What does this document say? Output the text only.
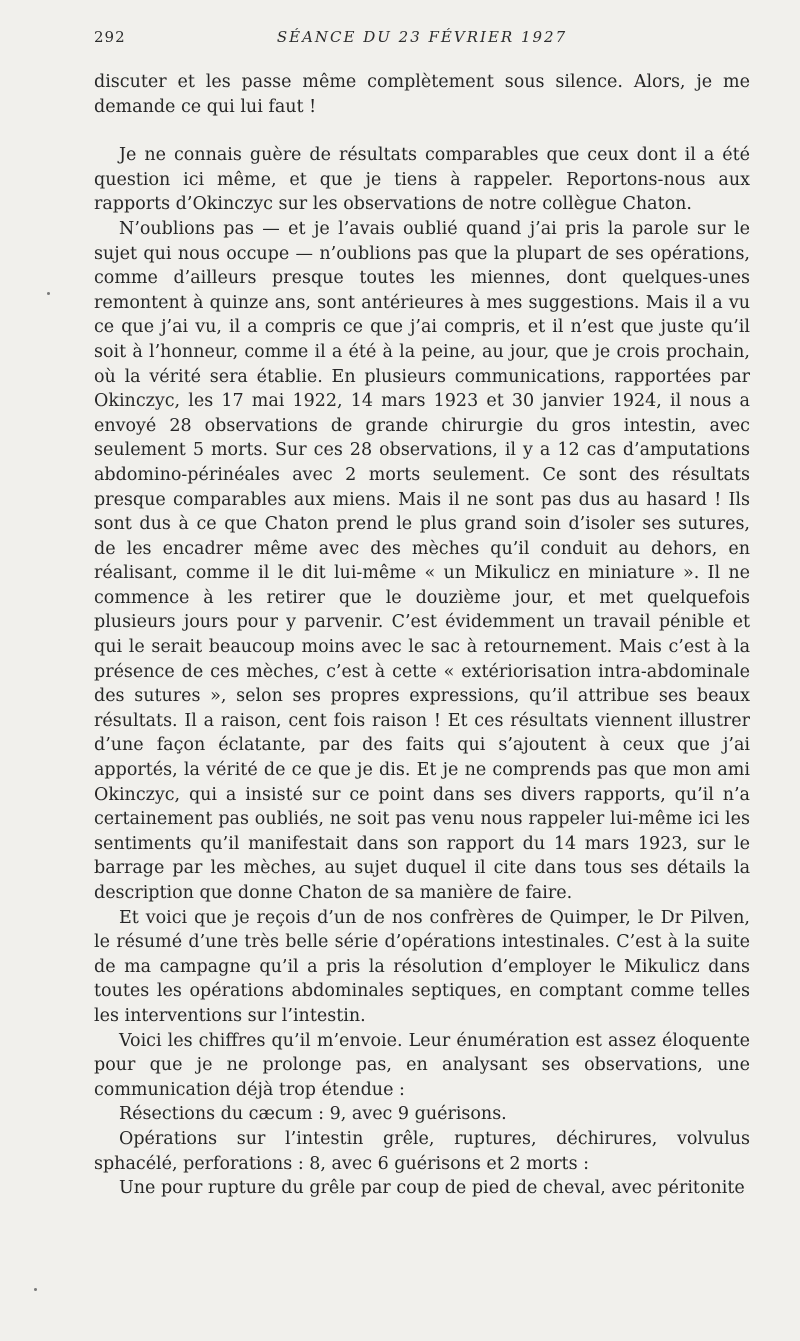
292	SÉANCE DU 23 FÉVRIER 1927

discuter et les passe même complètement sous silence. Alors, je me demande ce qui lui faut !

Je ne connais guère de résultats comparables que ceux dont il a été question ici même, et que je tiens à rappeler. Reportons-nous aux rapports d’Okinczyc sur les observations de notre collègue Chaton.

N’oublions pas — et je l’avais oublié quand j’ai pris la parole sur le sujet qui nous occupe — n’oublions pas que la plupart de ses opérations, comme d’ailleurs presque toutes les miennes, dont quelques-unes remontent à quinze ans, sont antérieures à mes suggestions. Mais il a vu ce que j’ai vu, il a compris ce que j’ai compris, et il n’est que juste qu’il soit à l’honneur, comme il a été à la peine, au jour, que je crois prochain, où la vérité sera établie. En plusieurs communications, rapportées par Okinczyc, les 17 mai 1922, 14 mars 1923 et 30 janvier 1924, il nous a envoyé 28 observations de grande chirurgie du gros intestin, avec seulement 5 morts. Sur ces 28 observations, il y a 12 cas d’amputations abdomino-périnéales avec 2 morts seulement. Ce sont des résultats presque comparables aux miens. Mais il ne sont pas dus au hasard ! Ils sont dus à ce que Chaton prend le plus grand soin d’isoler ses sutures, de les encadrer même avec des mèches qu’il conduit au dehors, en réalisant, comme il le dit lui-même « un Mikulicz en miniature ». Il ne commence à les retirer que le douzième jour, et met quelquefois plusieurs jours pour y parvenir. C’est évidemment un travail pénible et qui le serait beaucoup moins avec le sac à retournement. Mais c’est à la présence de ces mèches, c’est à cette « extériorisation intra-abdominale des sutures », selon ses propres expressions, qu’il attribue ses beaux résultats. Il a raison, cent fois raison ! Et ces résultats viennent illustrer d’une façon éclatante, par des faits qui s’ajoutent à ceux que j’ai apportés, la vérité de ce que je dis. Et je ne comprends pas que mon ami Okinczyc, qui a insisté sur ce point dans ses divers rapports, qu’il n’a certainement pas oubliés, ne soit pas venu nous rappeler lui-même ici les sentiments qu’il manifestait dans son rapport du 14 mars 1923, sur le barrage par les mèches, au sujet duquel il cite dans tous ses détails la description que donne Chaton de sa manière de faire.

Et voici que je reçois d’un de nos confrères de Quimper, le Dr Pilven, le résumé d’une très belle série d’opérations intestinales. C’est à la suite de ma campagne qu’il a pris la résolution d’employer le Mikulicz dans toutes les opérations abdominales septiques, en comptant comme telles les interventions sur l’intestin.

Voici les chiffres qu’il m’envoie. Leur énumération est assez éloquente pour que je ne prolonge pas, en analysant ses observations, une communication déjà trop étendue :

Résections du cæcum : 9, avec 9 guérisons.

Opérations sur l’intestin grêle, ruptures, déchirures, volvulus sphacélé, perforations : 8, avec 6 guérisons et 2 morts :

Une pour rupture du grêle par coup de pied de cheval, avec péritonite
